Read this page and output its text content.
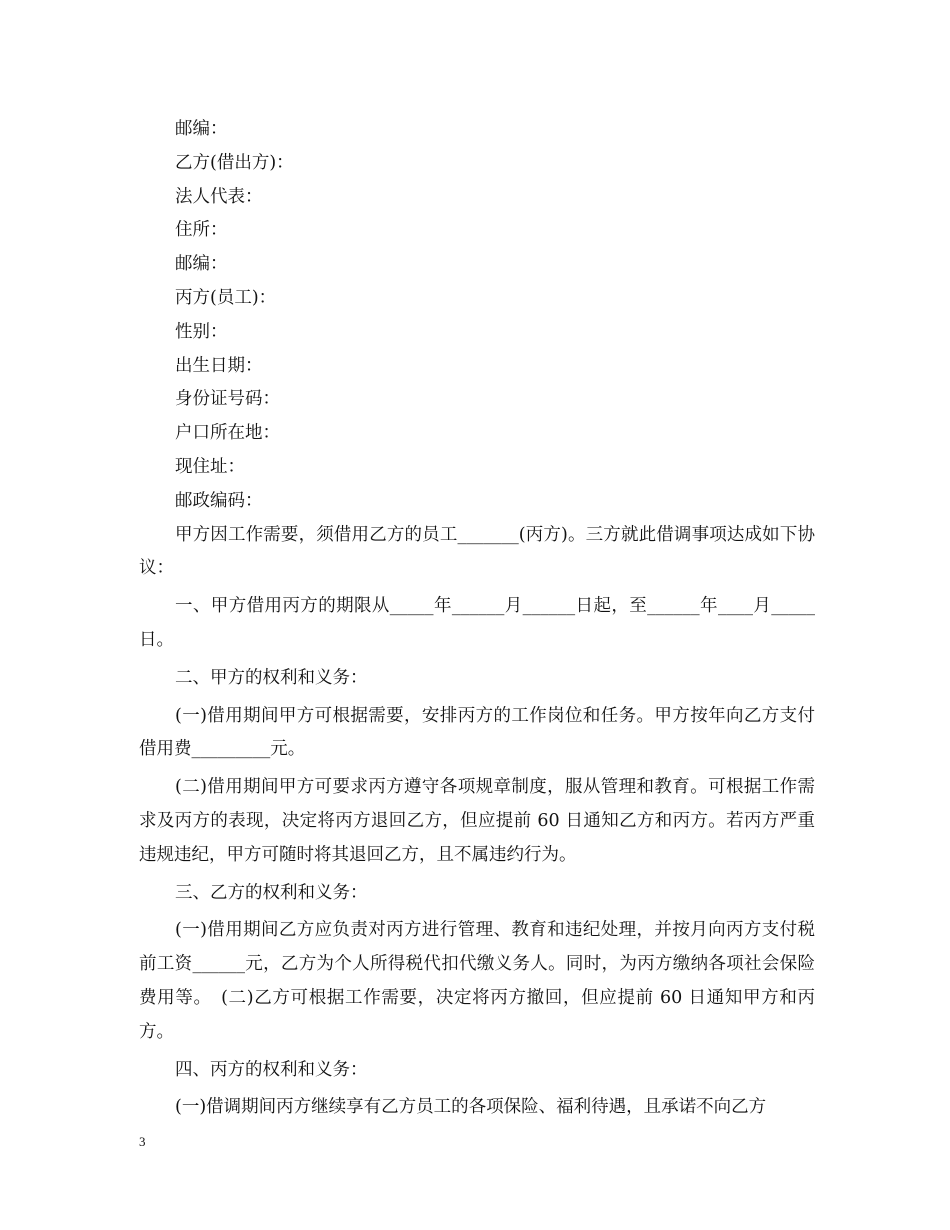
邮编：
乙方(借出方)：
法人代表：
住所：
邮编：
丙方(员工)：
性别：
出生日期：
身份证号码：
户口所在地：
现住址：
邮政编码：
甲方因工作需要，须借用乙方的员工_______(丙方)。三方就此借调事项达成如下协议：
一、甲方借用丙方的期限从_____年______月______日起，至______年____月_____日。
二、甲方的权利和义务：
(一)借用期间甲方可根据需要，安排丙方的工作岗位和任务。甲方按年向乙方支付借用费_________元。
(二)借用期间甲方可要求丙方遵守各项规章制度，服从管理和教育。可根据工作需求及丙方的表现，决定将丙方退回乙方，但应提前 60 日通知乙方和丙方。若丙方严重违规违纪，甲方可随时将其退回乙方，且不属违约行为。
三、乙方的权利和义务：
(一)借用期间乙方应负责对丙方进行管理、教育和违纪处理，并按月向丙方支付税前工资______元，乙方为个人所得税代扣代缴义务人。同时，为丙方缴纳各项社会保险费用等。　(二)乙方可根据工作需要，决定将丙方撤回，但应提前 60 日通知甲方和丙方。
四、丙方的权利和义务：
(一)借调期间丙方继续享有乙方员工的各项保险、福利待遇，且承诺不向乙方
3
